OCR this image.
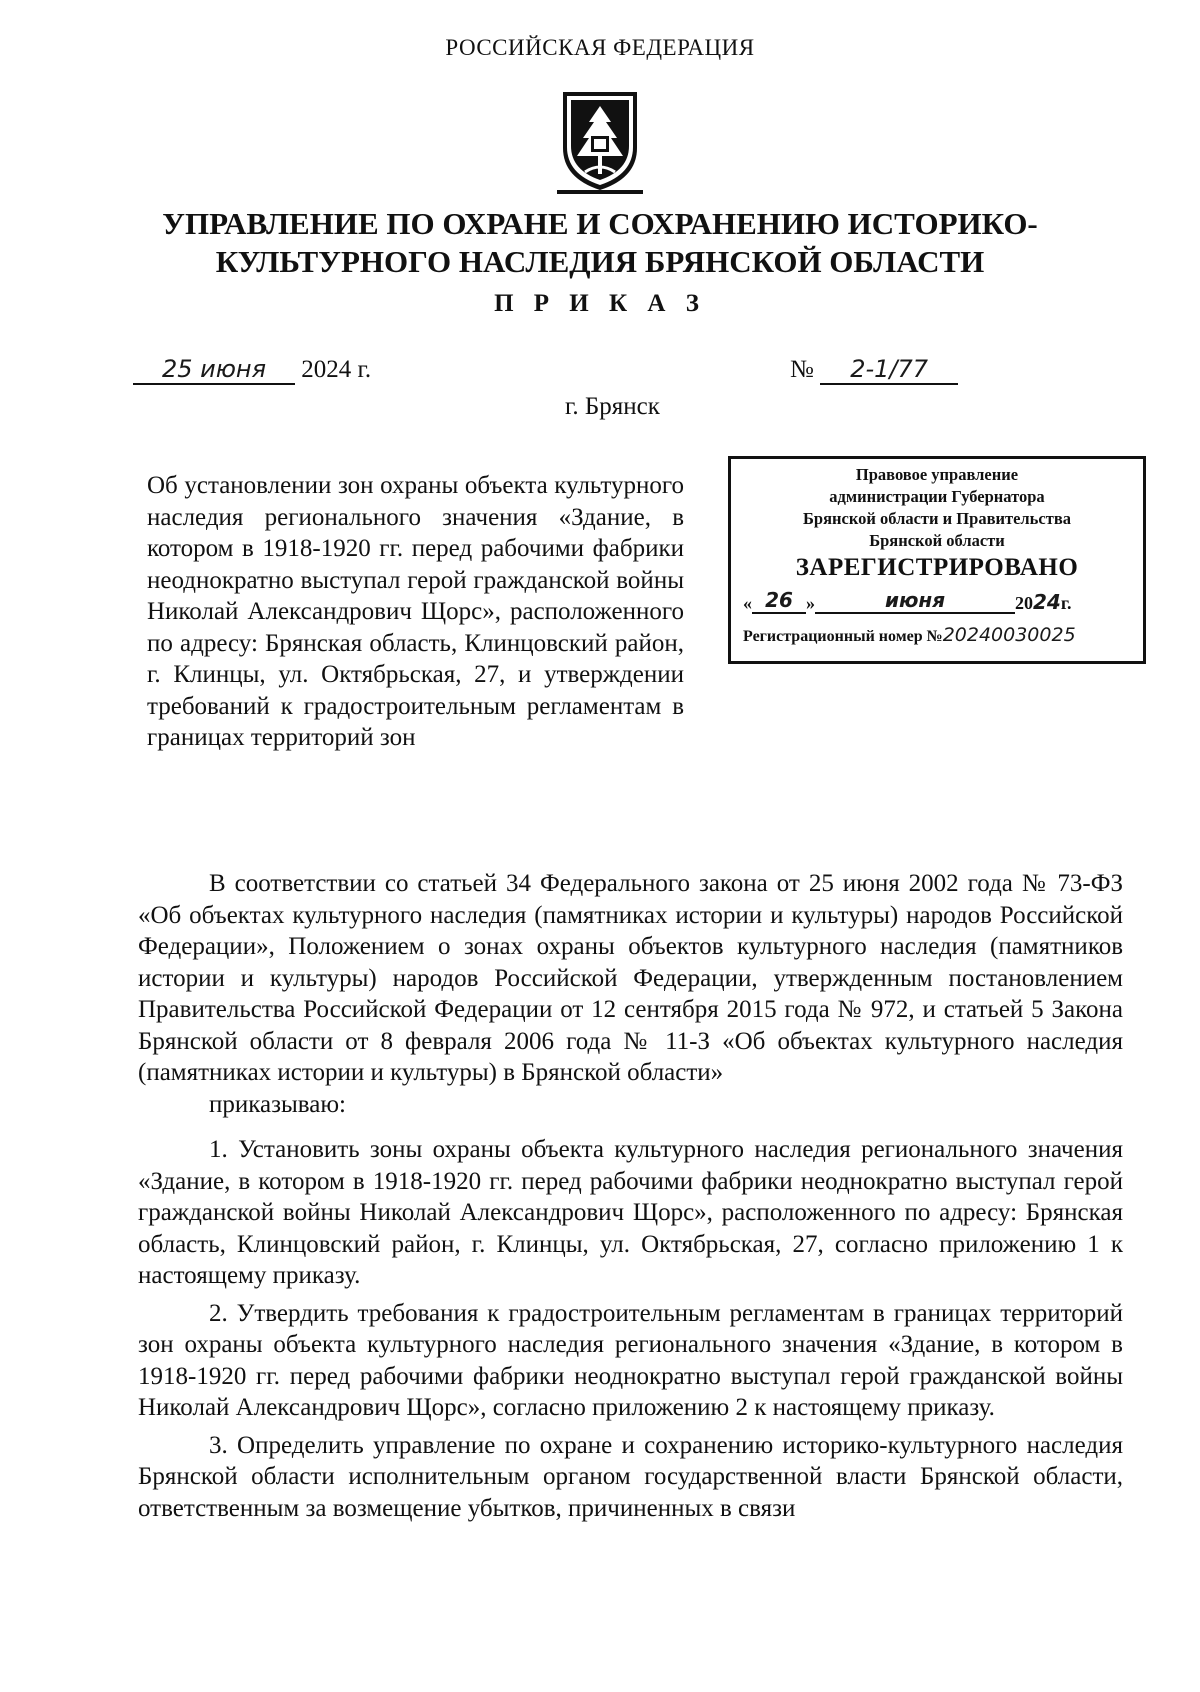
РОССИЙСКАЯ ФЕДЕРАЦИЯ
УПРАВЛЕНИЕ ПО ОХРАНЕ И СОХРАНЕНИЮ ИСТОРИКО-
КУЛЬТУРНОГО НАСЛЕДИЯ БРЯНСКОЙ ОБЛАСТИ
П Р И К А З
25 июня 2024 г.	№ 2-1/77
г. Брянск
Об установлении зон охраны объекта культурного наследия регионального значения «Здание, в котором в 1918-1920 гг. перед рабочими фабрики неоднократно выступал герой гражданской войны Николай Александрович Щорс», расположенного по адресу: Брянская область, Клинцовский район, г. Клинцы, ул. Октябрьская, 27, и утверждении требований к градостроительным регламентам в границах территорий зон
Правовое управление
администрации Губернатора
Брянской области и Правительства
Брянской области
ЗАРЕГИСТРИРОВАНО
« 26 »	июня	20 24 г.
Регистрационный номер №20240030025

В соответствии со статьей 34 Федерального закона от 25 июня 2002 года № 73-ФЗ «Об объектах культурного наследия (памятниках истории и культуры) народов Российской Федерации», Положением о зонах охраны объектов культурного наследия (памятников истории и культуры) народов Российской Федерации, утвержденным постановлением Правительства Российской Федерации от 12 сентября 2015 года № 972, и статьей 5 Закона Брянской области от 8 февраля 2006 года № 11-З «Об объектах культурного наследия (памятниках истории и культуры) в Брянской области»

приказываю:

1. Установить зоны охраны объекта культурного наследия регионального значения «Здание, в котором в 1918-1920 гг. перед рабочими фабрики неоднократно выступал герой гражданской войны Николай Александрович Щорс», расположенного по адресу: Брянская область, Клинцовский район, г. Клинцы, ул. Октябрьская, 27, согласно приложению 1 к настоящему приказу.

2. Утвердить требования к градостроительным регламентам в границах территорий зон охраны объекта культурного наследия регионального значения «Здание, в котором в 1918-1920 гг. перед рабочими фабрики неоднократно выступал герой гражданской войны Николай Александрович Щорс», согласно приложению 2 к настоящему приказу.

3. Определить управление по охране и сохранению историко-культурного наследия Брянской области исполнительным органом государственной власти Брянской области, ответственным за возмещение убытков, причиненных в связи
